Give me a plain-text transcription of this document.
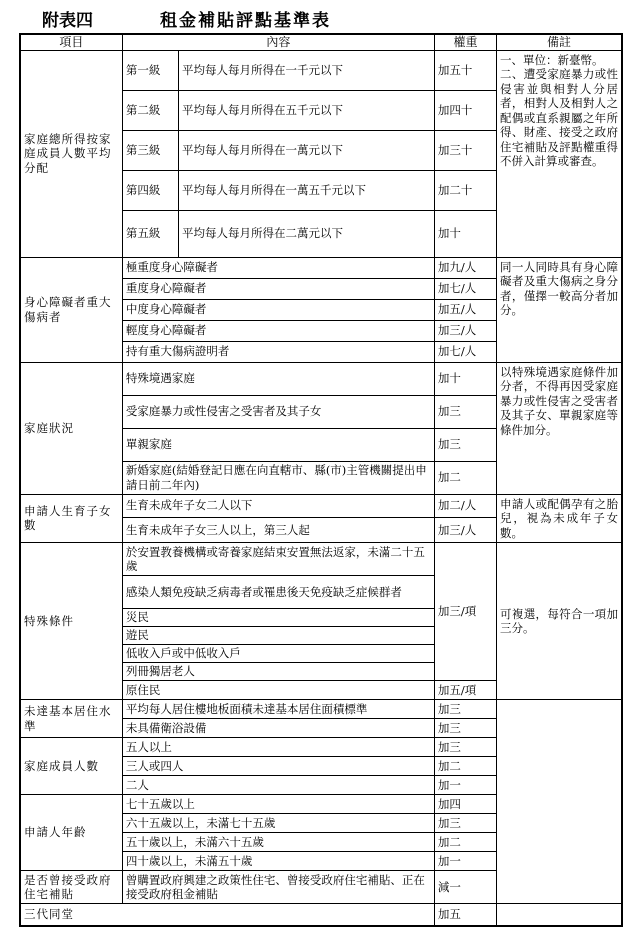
附表四	租金補貼評點基準表
項目	內容		權重	備註
家庭總所得按家庭成員人數平均分配	第一級	平均每人每月所得在一千元以下	加五十	一、單位：新臺幣。
二、遭受家庭暴力或性侵害並與相對人分居者，相對人及相對人之配偶或直系親屬之年所得、財產、接受之政府住宅補貼及評點權重得不併入計算或審查。

	第二級	平均每人每月所得在五千元以下	加四十	
	第三級	平均每人每月所得在一萬元以下	加三十	
	第四級	平均每人每月所得在一萬五千元以下	加二十	
	第五級	平均每人每月所得在二萬元以下	加十	
身心障礙者重大傷病者	極重度身心障礙者		加九/人	同一人同時具有身心障礙者及重大傷病之身分者，僅擇一較高分者加分。
	重度身心障礙者		加七/人	
	中度身心障礙者		加五/人	
	輕度身心障礙者		加三/人	
	持有重大傷病證明者		加七/人	
家庭狀況	特殊境遇家庭		加十	以特殊境遇家庭條件加分者，不得再因受家庭暴力或性侵害之受害者及其子女、單親家庭等條件加分。
	受家庭暴力或性侵害之受害者及其子女		加三	
	單親家庭		加三	
	新婚家庭(結婚登記日應在向直轄市、縣(市)主管機關提出申請日前二年內)		加二	
申請人生育子女數	生育未成年子女二人以下		加二/人	申請人或配偶孕有之胎兒，視為未成年子女數。
	生育未成年子女三人以上，第三人起		加三/人	
特殊條件	於安置教養機構或寄養家庭結束安置無法返家，未滿二十五歲		加三/項	可複選，每符合一項加三分。
	感染人類免疫缺乏病毒者或罹患後天免疫缺乏症候群者			
	災民			
	遊民			
	低收入戶或中低收入戶			
	列冊獨居老人			
	原住民		加五/項	
未達基本居住水準	平均每人居住樓地板面積未達基本居住面積標準		加三	
	未具備衛浴設備		加三	
家庭成員人數	五人以上		加三	
	三人或四人		加二	
	二人		加一	
申請人年齡	七十五歲以上		加四	
	六十五歲以上，未滿七十五歲		加三	
	五十歲以上，未滿六十五歲		加二	
	四十歲以上，未滿五十歲		加一	
是否曾接受政府住宅補貼	曾購置政府興建之政策性住宅、曾接受政府住宅補貼、正在接受政府租金補貼		減一	
三代同堂			加五	
